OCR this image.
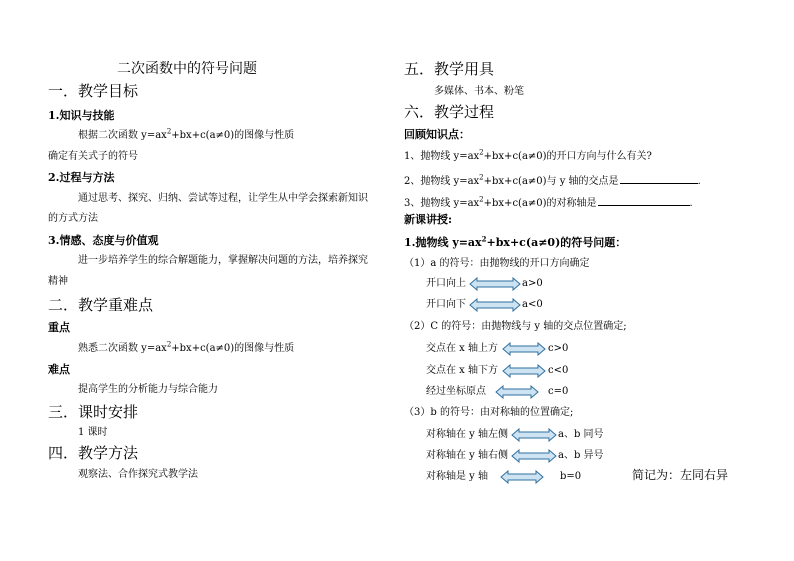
二次函数中的符号问题
一．教学目标
1.知识与技能
根据二次函数 $y=ax^2+bx+c(a\ne 0)$的图像与性质
确定有关式子的符号
2.过程与方法
通过思考、探究、归纳、尝试等过程，让学生从中学会探索新知识
的方式方法
3.情感、态度与价值观
进一步培养学生的综合解题能力，掌握解决问题的方法，培养探究
精神
二．教学重难点
重点
熟悉二次函数 $y=ax^2+bx+c(a\ne 0)$的图像与性质
难点
提高学生的分析能力与综合能力
三．课时安排
1 课时
四．教学方法
观察法、合作探究式教学法
五．教学用具
多媒体、书本、粉笔
六．教学过程
回顾知识点：
1、抛物线 $y=ax^2+bx+c(a\ne 0)$的开口方向与什么有关?
2、抛物线 $y=ax^2+bx+c(a\ne 0)$与 y 轴的交点是	.
3、抛物线 $y=ax^2+bx+c(a\ne 0)$的对称轴是	.
新课讲授:
1.抛物线 $y=ax^2+bx+c(a\ne 0)$的符号问题：
（1）a 的符号：由抛物线的开口方向确定
开口向上	a>0
开口向下	a<0
（2）C 的符号：由抛物线与 y 轴的交点位置确定;
交点在 x 轴上方	c>0
交点在 x 轴下方	c<0
经过坐标原点	c=0
（3）b 的符号：由对称轴的位置确定;
对称轴在 y 轴左侧	a、b 同号
对称轴在 y 轴右侧	a、b 异号
对称轴是 y 轴	b=0	简记为：左同右异
